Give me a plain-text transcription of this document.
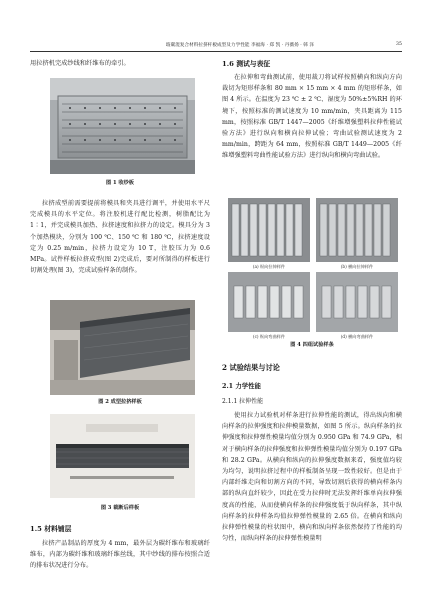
玻碳混复合材料拉挤杆板成型及力学性能 李福海 · 郑 凯 · 丹薇扬 · 韩 泽	35
用拉挤机完成纱线和纤维布的牵引。
图 1 收纱板
拉挤成型前需要提前将模具和夹具进行调平，并使用水平尺完成模具的水平定位。将注胶机进行配比检测，树脂配比为 1∶1，并完成模具加热、拉挤速度和拉挤力的设定。模具分为 3 个加热模块，分别为 100 ℃、150 ℃ 和 180 ℃，拉挤速度设定为 0.25 m/min，拉挤力设定为 10 T，注胶压力为 0.6 MPa。试件样板拉挤成型(图 2)完成后，要对所制得的样板进行切割处理(图 3)，完成试验样条的制作。
图 2 成型拉挤样板
图 3 裁断后样板
1.5 材料铺层
拉挤产品制品的厚度为 4 mm，最外层为碳纤维布和玻璃纤维布，内部为碳纤维和玻璃纤维丝线，其中纱线的排布按照合适的排布状况进行分布。
1.6 测试与表征
在拉伸和弯曲测试前，使用裁刀将试样按照横向和纵向方向裁切为矩形样条和 80 mm × 15 mm × 4 mm 的矩形样条，如图 4 所示。在温度为 23 ℃ ± 2 ℃、湿度为 50%±5%RH 的环境下，按照标准的测试速度为 10 mm/min，夹具距离为 115 mm，按照标准 GB/T 1447—2005《纤维增强塑料拉伸性能试验方法》进行纵向和横向拉伸试验；弯曲试验测试速度为 2 mm/min，跨距为 64 mm，按照标准 GB/T 1449—2005《纤维增强塑料弯曲性能试验方法》进行纵向和横向弯曲试验。
(a) 纵向拉伸样件	(b) 横向拉伸样件
(c) 纵向弯曲样件	(d) 横向弯曲样件
图 4 四组试验样条
2 试验结果与讨论
2.1 力学性能
2.1.1 拉伸性能
使用拉力试验机对样条进行拉伸性能的测试，得出纵向和横向样条的拉伸强度和拉伸模量数据，如图 5 所示。纵向样条的拉伸强度和拉伸弹性模量均值分别为 0.950 GPa 和 74.9 GPa，相对于横向样条的拉伸强度和拉伸弹性模量均值分别为 0.197 GPa 和 28.2 GPa。从横向和纵向的拉伸强度数据来看，强度值均较为均匀，说明拉挤过程中的样板制备呈现一致性较好。但是由于内部纤维走向和切割方向的不同，导致切割后获得的横向样条内部的纵向直纤较少，因此在受力拉伸时无法发挥纤维单向拉伸强度高的性能，从而使横向样条的拉伸强度低于纵向样条，其中纵向样条的拉伸样条均值拉伸弹性模量的 2.65 倍。在横向和纵向拉伸弹性模量的柱状图中，横向和纵向样条依然保持了性能的均匀性，而纵向样条的拉伸弹性模量明
